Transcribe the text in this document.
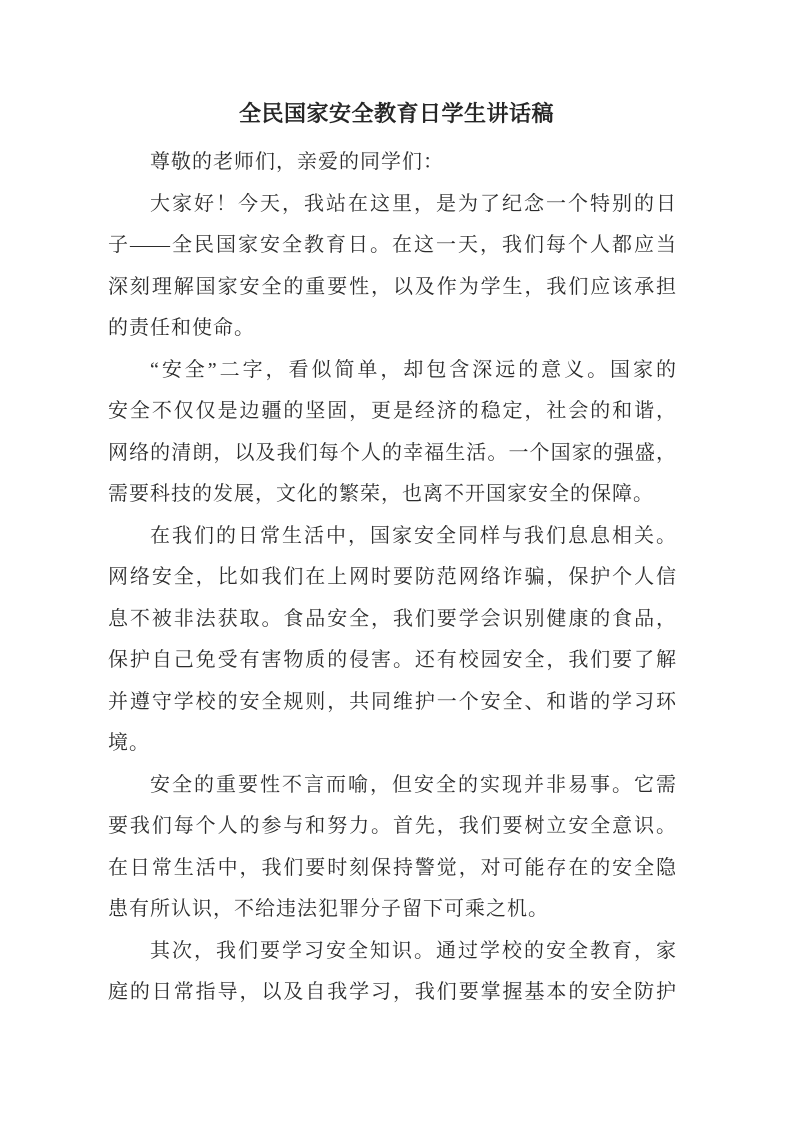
全民国家安全教育日学生讲话稿
尊敬的老师们，亲爱的同学们：
大家好！今天，我站在这里，是为了纪念一个特别的日
子——全民国家安全教育日。在这一天，我们每个人都应当
深刻理解国家安全的重要性，以及作为学生，我们应该承担
的责任和使命。
“安全”二字，看似简单，却包含深远的意义。国家的
安全不仅仅是边疆的坚固，更是经济的稳定，社会的和谐，
网络的清朗，以及我们每个人的幸福生活。一个国家的强盛，
需要科技的发展，文化的繁荣，也离不开国家安全的保障。
在我们的日常生活中，国家安全同样与我们息息相关。
网络安全，比如我们在上网时要防范网络诈骗，保护个人信
息不被非法获取。食品安全，我们要学会识别健康的食品，
保护自己免受有害物质的侵害。还有校园安全，我们要了解
并遵守学校的安全规则，共同维护一个安全、和谐的学习环
境。
安全的重要性不言而喻，但安全的实现并非易事。它需
要我们每个人的参与和努力。首先，我们要树立安全意识。
在日常生活中，我们要时刻保持警觉，对可能存在的安全隐
患有所认识，不给违法犯罪分子留下可乘之机。
其次，我们要学习安全知识。通过学校的安全教育，家
庭的日常指导，以及自我学习，我们要掌握基本的安全防护
